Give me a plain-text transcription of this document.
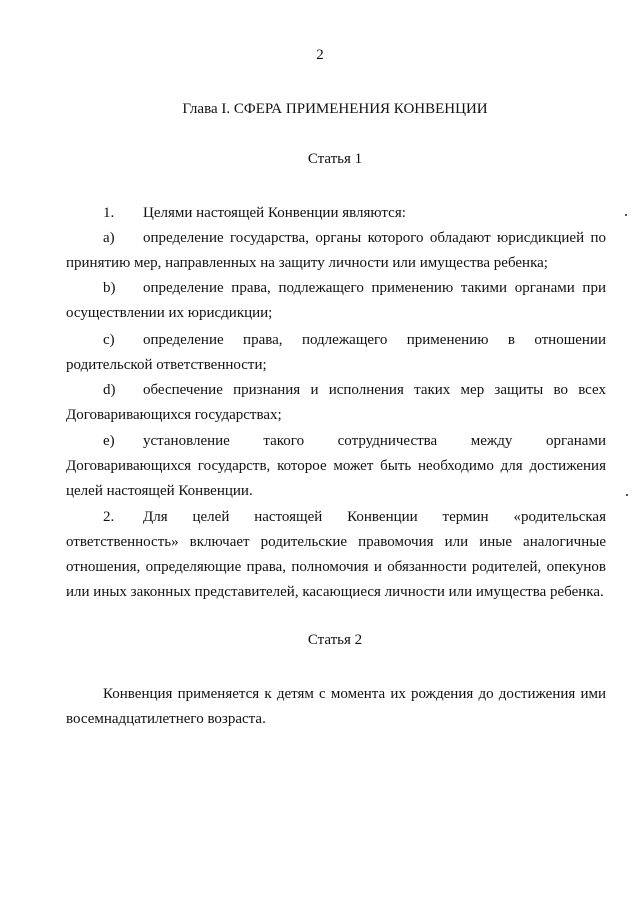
2
Глава I. СФЕРА ПРИМЕНЕНИЯ КОНВЕНЦИИ
Статья 1
1. Целями настоящей Конвенции являются:
a) определение государства, органы которого обладают юрисдикцией по принятию мер, направленных на защиту личности или имущества ребенка;
b) определение права, подлежащего применению такими органами при осуществлении их юрисдикции;
c) определение права, подлежащего применению в отношении родительской ответственности;
d) обеспечение признания и исполнения таких мер защиты во всех Договаривающихся государствах;
e) установление такого сотрудничества между органами Договаривающихся государств, которое может быть необходимо для достижения целей настоящей Конвенции.
2. Для целей настоящей Конвенции термин «родительская ответственность» включает родительские правомочия или иные аналогичные отношения, определяющие права, полномочия и обязанности родителей, опекунов или иных законных представителей, касающиеся личности или имущества ребенка.
Статья 2
Конвенция применяется к детям с момента их рождения до достижения ими восемнадцатилетнего возраста.
